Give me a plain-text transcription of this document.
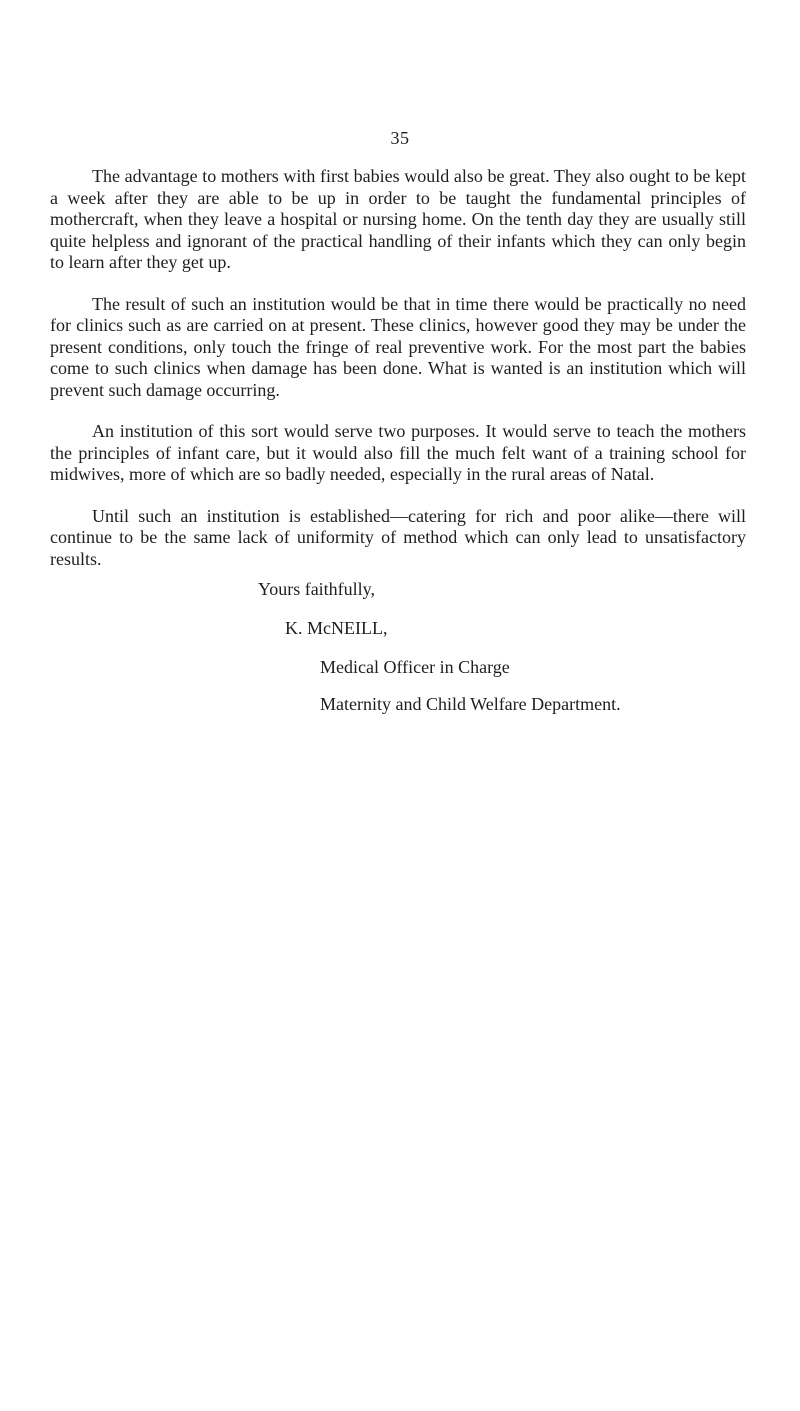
35

The advantage to mothers with first babies would also be great. They also ought to be kept a week after they are able to be up in order to be taught the fundamental principles of mothercraft, when they leave a hospital or nursing home. On the tenth day they are usually still quite helpless and ignorant of the practical handling of their infants which they can only begin to learn after they get up.

The result of such an institution would be that in time there would be practically no need for clinics such as are carried on at present. These clinics, however good they may be under the present conditions, only touch the fringe of real preventive work. For the most part the babies come to such clinics when damage has been done. What is wanted is an institution which will prevent such damage occurring.

An institution of this sort would serve two purposes. It would serve to teach the mothers the principles of infant care, but it would also fill the much felt want of a training school for midwives, more of which are so badly needed, especially in the rural areas of Natal.

Until such an institution is established—catering for rich and poor alike—there will continue to be the same lack of uniformity of method which can only lead to unsatisfactory results.

Yours faithfully,
K. McNEILL,
Medical Officer in Charge
Maternity and Child Welfare Department.
